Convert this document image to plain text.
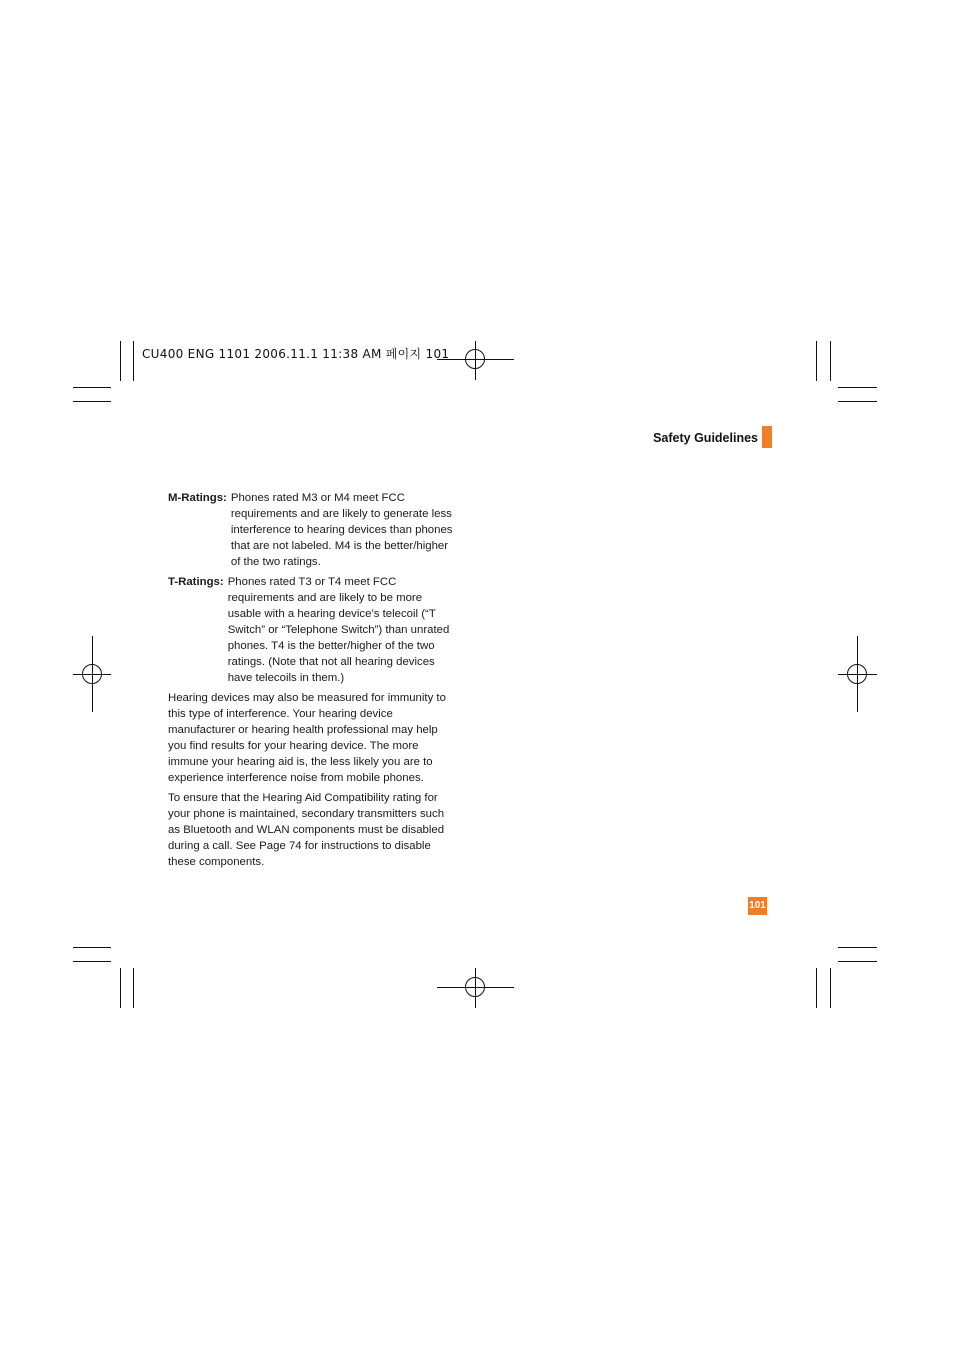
CU400 ENG 1101 2006.11.1 11:38 AM 페이지 101
Safety Guidelines
M-Ratings: Phones rated M3 or M4 meet FCC requirements and are likely to generate less interference to hearing devices than phones that are not labeled. M4 is the better/higher of the two ratings.
T-Ratings: Phones rated T3 or T4 meet FCC requirements and are likely to be more usable with a hearing device’s telecoil (“T Switch” or “Telephone Switch”) than unrated phones. T4 is the better/higher of the two ratings. (Note that not all hearing devices have telecoils in them.)

Hearing devices may also be measured for immunity to this type of interference. Your hearing device manufacturer or hearing health professional may help you find results for your hearing device. The more immune your hearing aid is, the less likely you are to experience interference noise from mobile phones.

To ensure that the Hearing Aid Compatibility rating for your phone is maintained, secondary transmitters such as Bluetooth and WLAN components must be disabled during a call. See Page 74 for instructions to disable these components.

101
